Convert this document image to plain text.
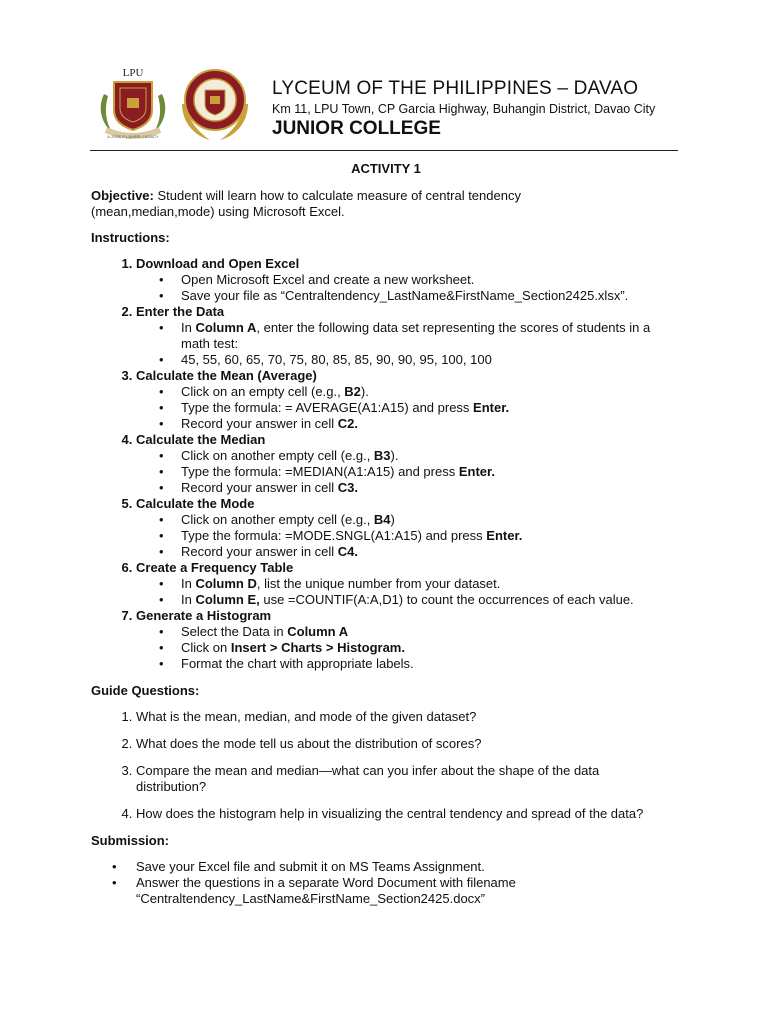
LPU
A JOSE P LAUREL LEGACY
LYCEUM OF THE PHILIPPINES – DAVAO
Km 11, LPU Town, CP Garcia Highway, Buhangin District, Davao City
JUNIOR COLLEGE
ACTIVITY 1
Objective: Student will learn how to calculate measure of central tendency (mean,median,mode) using Microsoft Excel.
Instructions:
1. Download and Open Excel
• Open Microsoft Excel and create a new worksheet.
• Save your file as “Centraltendency_LastName&FirstName_Section2425.xlsx”.
2. Enter the Data
• In Column A, enter the following data set representing the scores of students in a math test:
• 45, 55, 60, 65, 70, 75, 80, 85, 85, 90, 90, 95, 100, 100
3. Calculate the Mean (Average)
• Click on an empty cell (e.g., B2).
• Type the formula: = AVERAGE(A1:A15) and press Enter.
• Record your answer in cell C2.
4. Calculate the Median
• Click on another empty cell (e.g., B3).
• Type the formula: =MEDIAN(A1:A15) and press Enter.
• Record your answer in cell C3.
5. Calculate the Mode
• Click on another empty cell (e.g., B4)
• Type the formula: =MODE.SNGL(A1:A15) and press Enter.
• Record your answer in cell C4.
6. Create a Frequency Table
• In Column D, list the unique number from your dataset.
• In Column E, use =COUNTIF(A:A,D1) to count the occurrences of each value.
7. Generate a Histogram
• Select the Data in Column A
• Click on Insert > Charts > Histogram.
• Format the chart with appropriate labels.
Guide Questions:
1. What is the mean, median, and mode of the given dataset?
2. What does the mode tell us about the distribution of scores?
3. Compare the mean and median—what can you infer about the shape of the data distribution?
4. How does the histogram help in visualizing the central tendency and spread of the data?
Submission:
• Save your Excel file and submit it on MS Teams Assignment.
• Answer the questions in a separate Word Document with filename “Centraltendency_LastName&FirstName_Section2425.docx”
